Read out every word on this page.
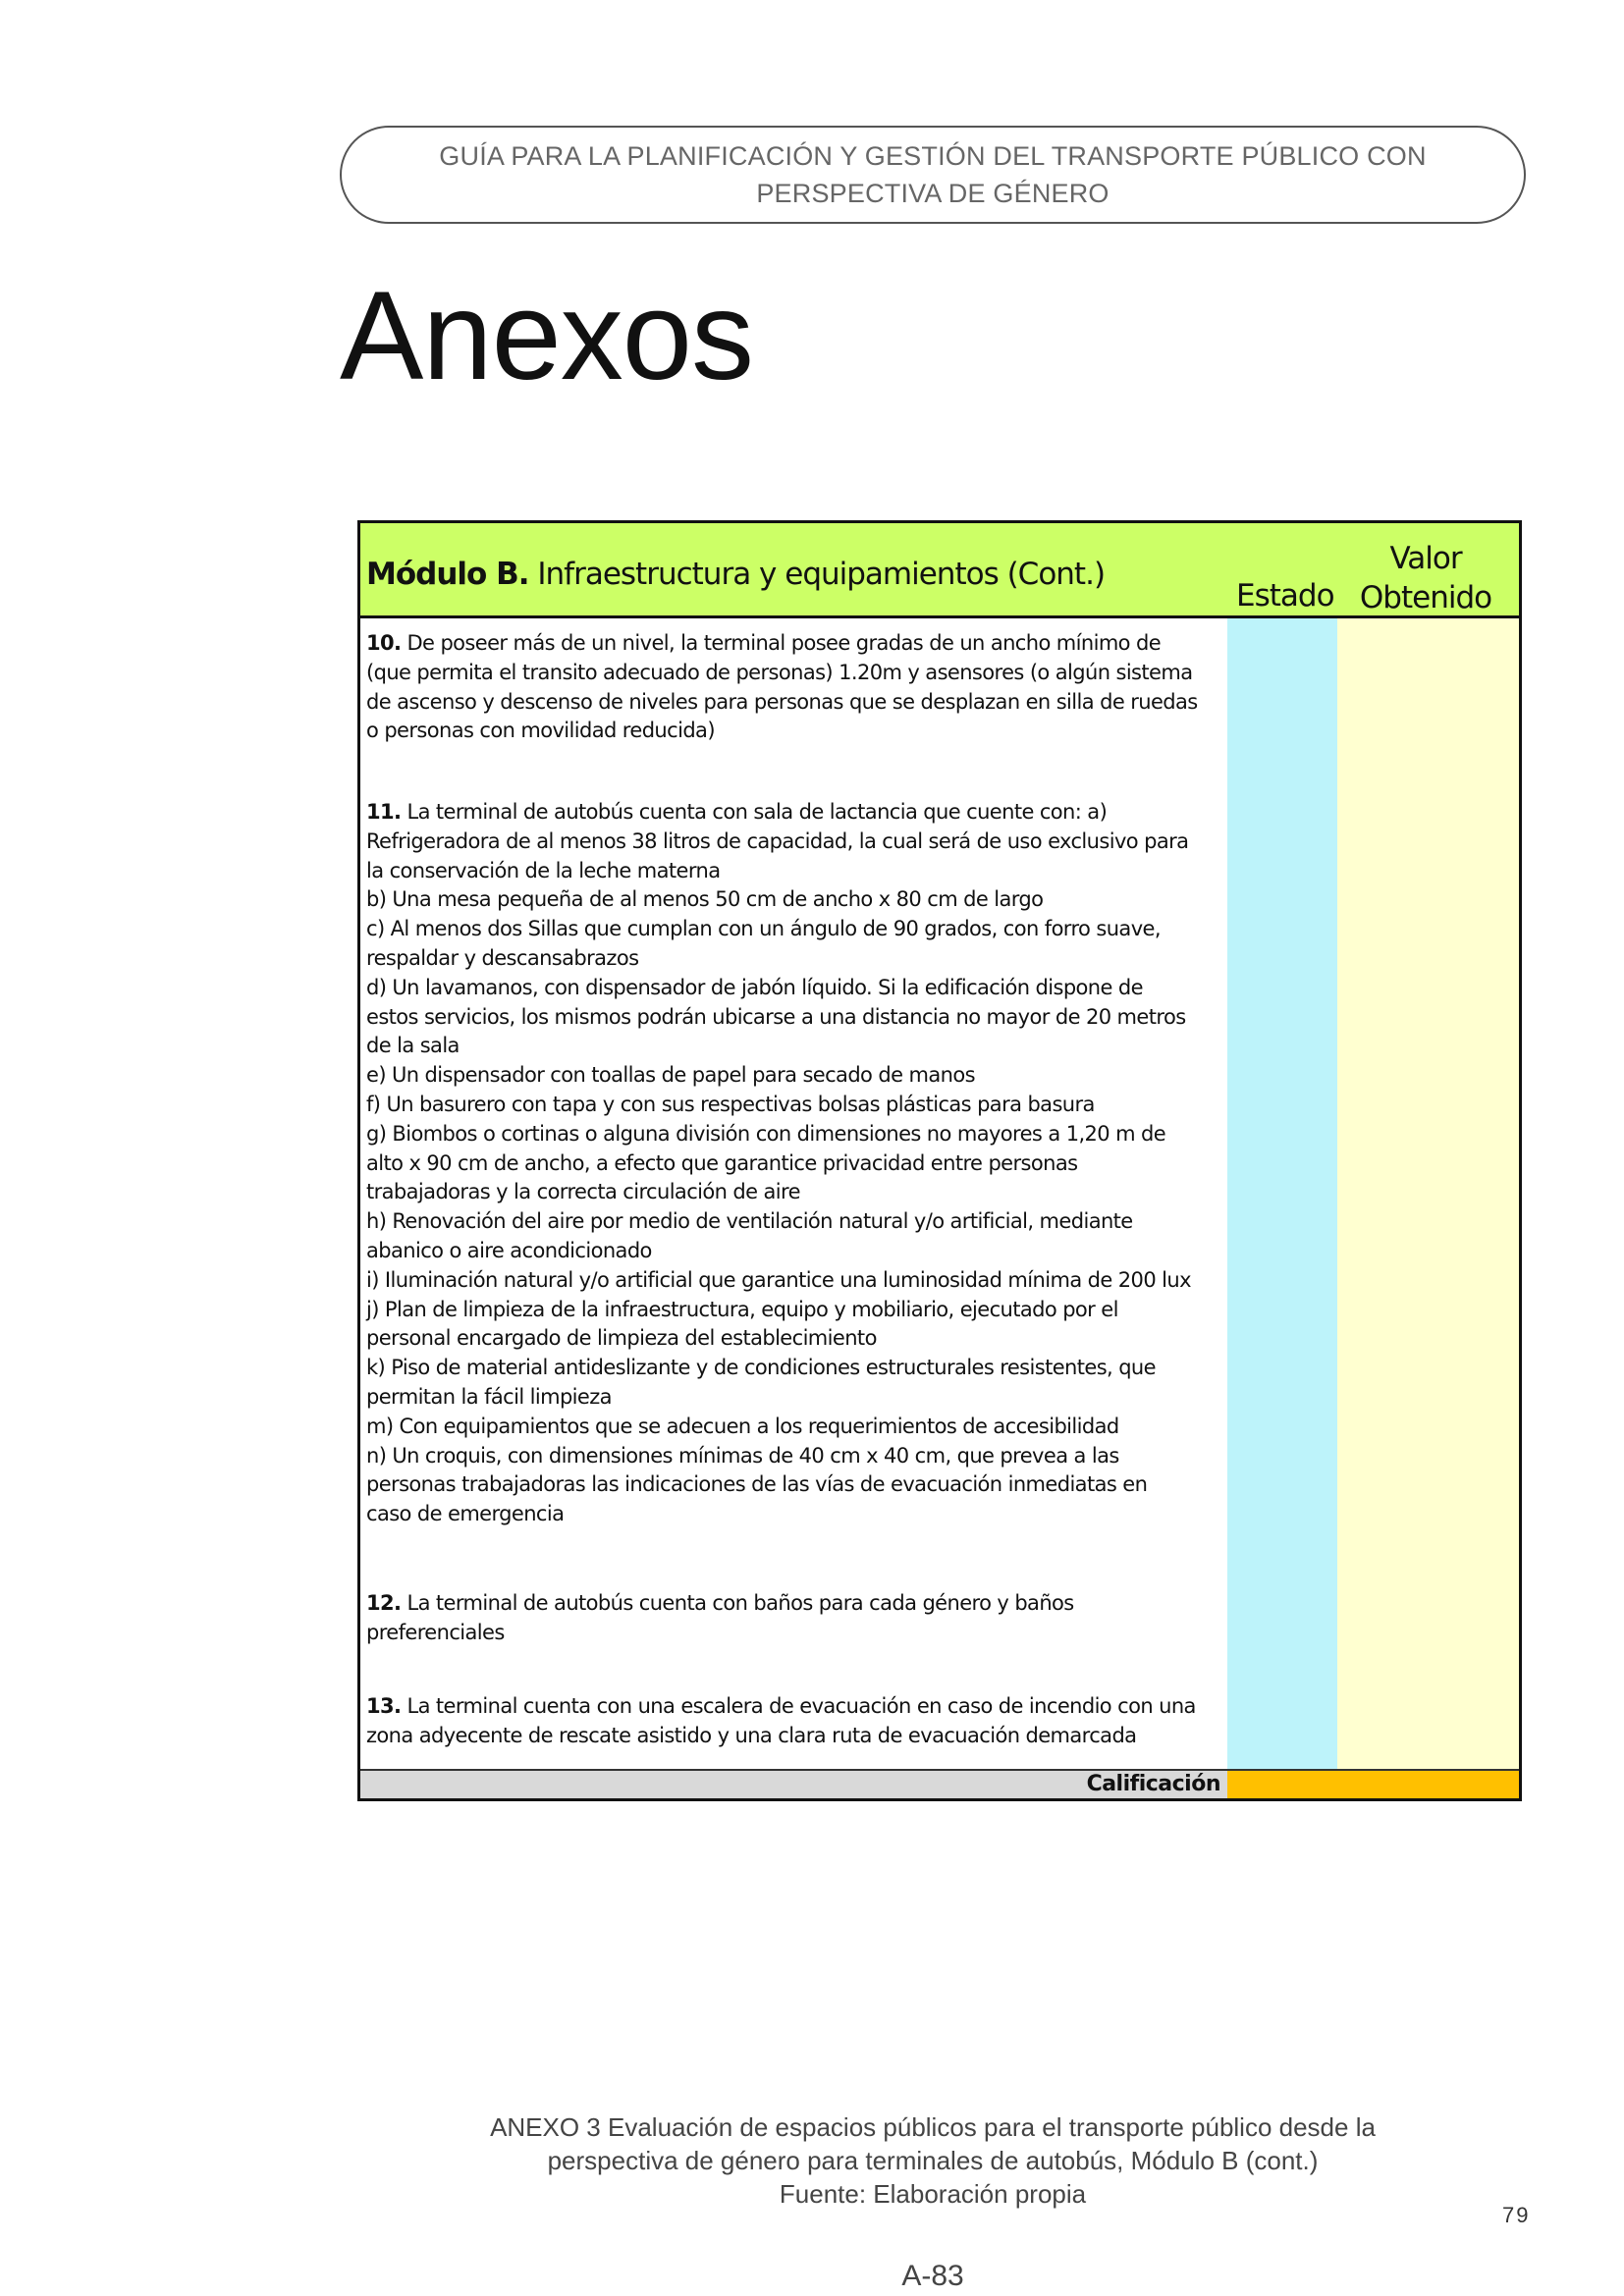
GUÍA PARA LA PLANIFICACIÓN Y GESTIÓN DEL TRANSPORTE PÚBLICO CON
PERSPECTIVA DE GÉNERO
Anexos
Módulo B. Infraestructura y equipamientos (Cont.)
Estado
Valor
Obtenido
10. De poseer más de un nivel, la terminal posee gradas de un ancho mínimo de
(que permita el transito adecuado de personas) 1.20m y asensores (o algún sistema
de ascenso y descenso de niveles para personas que se desplazan en silla de ruedas
o personas con movilidad reducida)
11. La terminal de autobús cuenta con sala de lactancia que cuente con: a)
Refrigeradora de al menos 38 litros de capacidad, la cual será de uso exclusivo para
la conservación de la leche materna
b) Una mesa pequeña de al menos 50 cm de ancho x 80 cm de largo
c) Al menos dos Sillas que cumplan con un ángulo de 90 grados, con forro suave,
respaldar y descansabrazos
d) Un lavamanos, con dispensador de jabón líquido. Si la edificación dispone de
estos servicios, los mismos podrán ubicarse a una distancia no mayor de 20 metros
de la sala
e) Un dispensador con toallas de papel para secado de manos
f) Un basurero con tapa y con sus respectivas bolsas plásticas para basura
g) Biombos o cortinas o alguna división con dimensiones no mayores a 1,20 m de
alto x 90 cm de ancho, a efecto que garantice privacidad entre personas
trabajadoras y la correcta circulación de aire
h) Renovación del aire por medio de ventilación natural y/o artificial, mediante
abanico o aire acondicionado
i) Iluminación natural y/o artificial que garantice una luminosidad mínima de 200 lux
j) Plan de limpieza de la infraestructura, equipo y mobiliario, ejecutado por el
personal encargado de limpieza del establecimiento
k) Piso de material antideslizante y de condiciones estructurales resistentes, que
permitan la fácil limpieza
m) Con equipamientos que se adecuen a los requerimientos de accesibilidad
n) Un croquis, con dimensiones mínimas de 40 cm x 40 cm, que prevea a las
personas trabajadoras las indicaciones de las vías de evacuación inmediatas en
caso de emergencia
12. La terminal de autobús cuenta con baños para cada género y baños
preferenciales
13. La terminal cuenta con una escalera de evacuación en caso de incendio con una
zona adyecente de rescate asistido y una clara ruta de evacuación demarcada
Calificación
ANEXO 3 Evaluación de espacios públicos para el transporte público desde la
perspectiva de género para terminales de autobús, Módulo B (cont.)
Fuente: Elaboración propia
79
A-83
